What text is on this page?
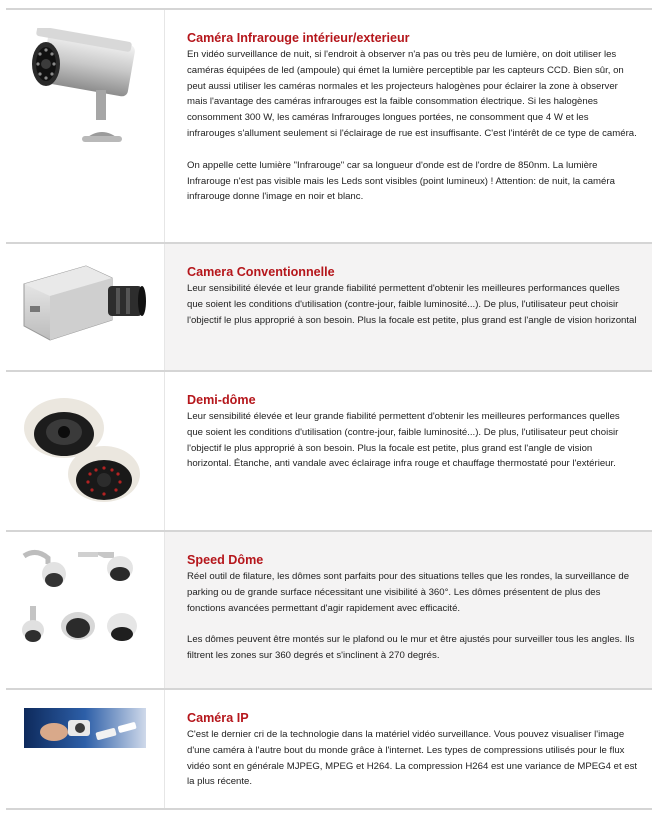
Caméra Infrarouge intérieur/exterieur

En vidéo surveillance de nuit, si l'endroit à observer n'a pas ou très peu de lumière, on doit utiliser les caméras équipées de led (ampoule) qui émet la lumière perceptible par les capteurs CCD. Bien sûr, on peut aussi utiliser les caméras normales et les projecteurs halogènes pour éclairer la zone à observer mais l'avantage des caméras infrarouges est la faible consommation électrique. Si les halogènes consomment 300 W, les caméras Infrarouges longues portées, ne consomment que 4 W et les infrarouges s'allument seulement si l'éclairage de rue est insuffisante. C'est l'intérêt de ce type de caméra.

On appelle cette lumière "Infrarouge" car sa longueur d'onde est de l'ordre de 850nm. La lumière Infrarouge n'est pas visible mais les Leds sont visibles (point lumineux) ! Attention: de nuit, la caméra infrarouge donne l'image en noir et blanc.

Camera Conventionnelle

Leur sensibilité élevée et leur grande fiabilité permettent d'obtenir les meilleures performances quelles que soient les conditions d'utilisation (contre-jour, faible luminosité...). De plus, l'utilisateur peut choisir l'objectif le plus approprié à son besoin. Plus la focale est petite, plus grand est l'angle de vision horizontal

Demi-dôme

Leur sensibilité élevée et leur grande fiabilité permettent d'obtenir les meilleures performances quelles que soient les conditions d'utilisation (contre-jour, faible luminosité...). De plus, l'utilisateur peut choisir l'objectif le plus approprié à son besoin. Plus la focale est petite, plus grand est l'angle de vision horizontal. Étanche, anti vandale avec éclairage infra rouge et chauffage thermostaté pour l'extérieur.

Speed Dôme

Réel outil de filature, les dômes sont parfaits pour des situations telles que les rondes, la surveillance de parking ou de grande surface nécessitant une visibilité à 360°. Les dômes présentent de plus des fonctions avancées permettant d'agir rapidement avec efficacité.

Les dômes peuvent être montés sur le plafond ou le mur et être ajustés pour surveiller tous les angles. Ils filtrent les zones sur 360 degrés et s'inclinent à 270 degrés.

Caméra IP

C'est le dernier cri de la technologie dans la matériel vidéo surveillance. Vous pouvez visualiser l'image d'une caméra à l'autre bout du monde grâce à l'internet. Les types de compressions utilisés pour le flux vidéo sont en générale MJPEG, MPEG et H264. La compression H264 est une variance de MPEG4 et est la plus récente.
